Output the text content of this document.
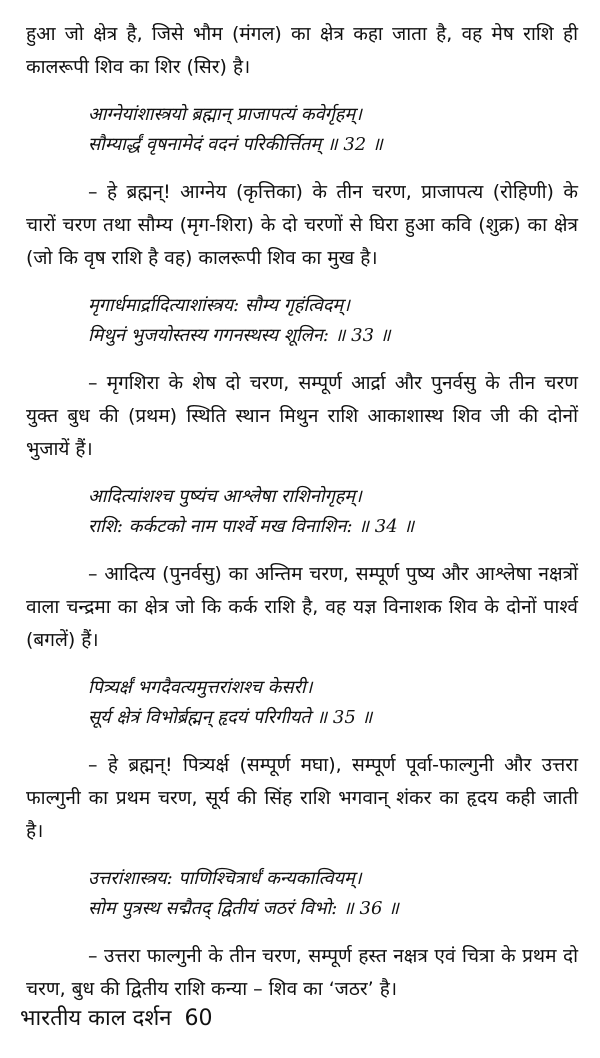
हुआ जो क्षेत्र है, जिसे भौम (मंगल) का क्षेत्र कहा जाता है, वह मेष राशि ही कालरूपी शिव का शिर (सिर) है।

आग्नेयांशास्त्रयो ब्रह्मान् प्राजापत्यं कवेर्गृहम्।
सौम्यार्द्धं वृषनामेदं वदनं परिकीर्त्तितम् ॥ 32 ॥

– हे ब्रह्मन्! आग्नेय (कृत्तिका) के तीन चरण, प्राजापत्य (रोहिणी) के चारों चरण तथा सौम्य (मृग-शिरा) के दो चरणों से घिरा हुआ कवि (शुक्र) का क्षेत्र (जो कि वृष राशि है वह) कालरूपी शिव का मुख है।

मृगार्धमार्द्रादित्याशांस्त्रय: सौम्य गृहंत्विदम्।
मिथुनं भुजयोस्तस्य गगनस्थस्य शूलिन: ॥ 33 ॥

– मृगशिरा के शेष दो चरण, सम्पूर्ण आर्द्रा और पुनर्वसु के तीन चरण युक्त बुध की (प्रथम) स्थिति स्थान मिथुन राशि आकाशास्थ शिव जी की दोनों भुजायें हैं।

आदित्यांशश्च पुष्यंच आश्लेषा राशिनोगृहम्।
राशि: कर्कटको नाम पार्श्वे मख विनाशिन: ॥ 34 ॥

– आदित्य (पुनर्वसु) का अन्तिम चरण, सम्पूर्ण पुष्य और आश्लेषा नक्षत्रों वाला चन्द्रमा का क्षेत्र जो कि कर्क राशि है, वह यज्ञ विनाशक शिव के दोनों पार्श्व (बगलें) हैं।

पित्र्यर्क्षं भगदैवत्यमुत्तरांशश्च केसरी।
सूर्य क्षेत्रं विभोर्ब्रह्मन् हृदयं परिगीयते ॥ 35 ॥

– हे ब्रह्मन्! पित्र्यर्क्ष (सम्पूर्ण मघा), सम्पूर्ण पूर्वा-फाल्गुनी और उत्तरा फाल्गुनी का प्रथम चरण, सूर्य की सिंह राशि भगवान् शंकर का हृदय कही जाती है।

उत्तरांशास्त्रय: पाणिश्चित्रार्धं कन्यकात्वियम्।
सोम पुत्रस्थ सद्मैतद् द्वितीयं जठरं विभो: ॥ 36 ॥

– उत्तरा फाल्गुनी के तीन चरण, सम्पूर्ण हस्त नक्षत्र एवं चित्रा के प्रथम दो चरण, बुध की द्वितीय राशि कन्या – शिव का ‘जठर’ है।

भारतीय काल दर्शन 60
